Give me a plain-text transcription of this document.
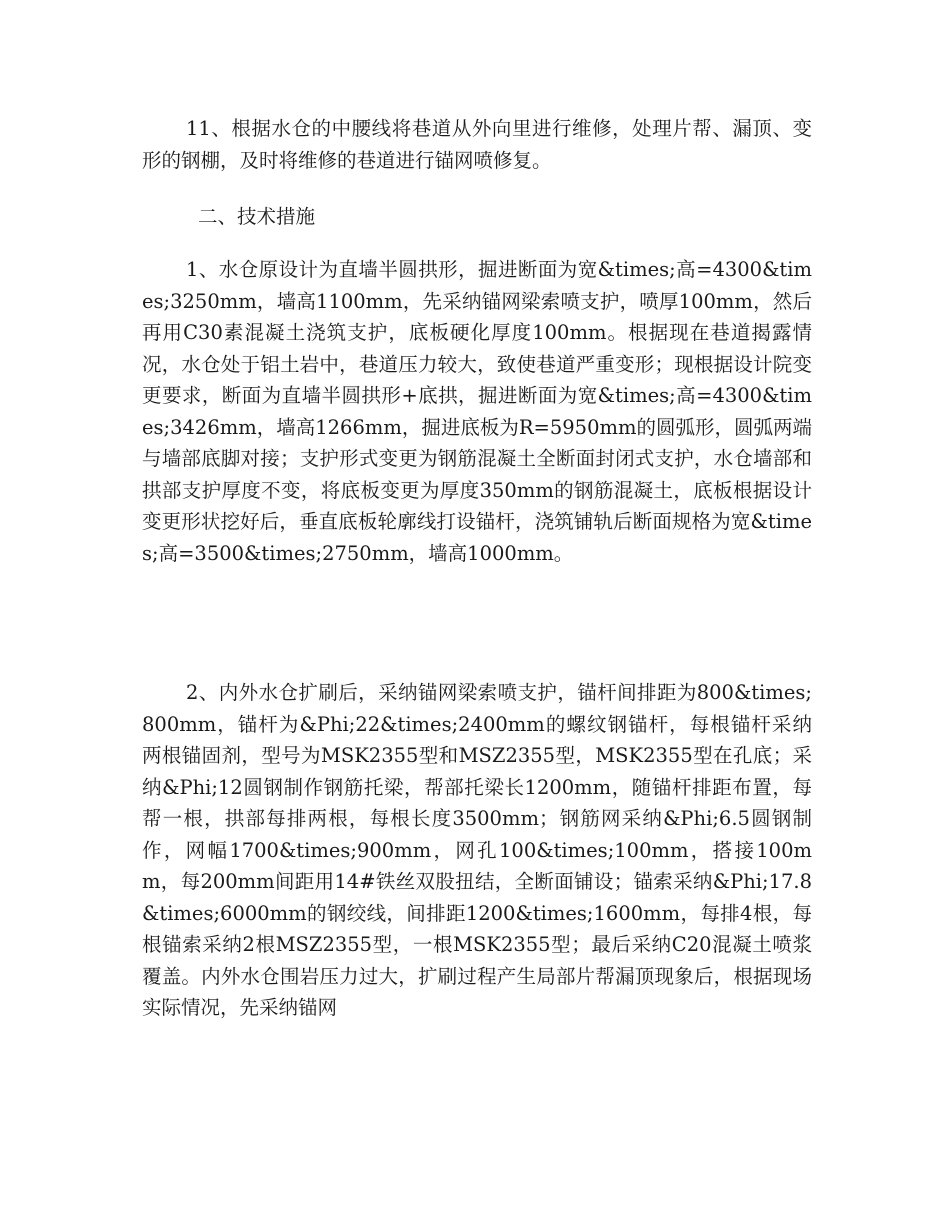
11、根据水仓的中腰线将巷道从外向里进行维修，处理片帮、漏顶、变形的钢棚，及时将维修的巷道进行锚网喷修复。

二、技术措施

1、水仓原设计为直墙半圆拱形，掘进断面为宽&times;高=4300&times;3250mm，墙高1100mm，先采纳锚网梁索喷支护，喷厚100mm，然后再用C30素混凝土浇筑支护，底板硬化厚度100mm。根据现在巷道揭露情况，水仓处于铝土岩中，巷道压力较大，致使巷道严重变形；现根据设计院变更要求，断面为直墙半圆拱形+底拱，掘进断面为宽&times;高=4300&times;3426mm，墙高1266mm，掘进底板为R=5950mm的圆弧形，圆弧两端与墙部底脚对接；支护形式变更为钢筋混凝土全断面封闭式支护，水仓墙部和拱部支护厚度不变，将底板变更为厚度350mm的钢筋混凝土，底板根据设计变更形状挖好后，垂直底板轮廓线打设锚杆，浇筑铺轨后断面规格为宽&times;高=3500&times;2750mm，墙高1000mm。

2、内外水仓扩刷后，采纳锚网梁索喷支护，锚杆间排距为800&times;800mm，锚杆为&Phi;22&times;2400mm的螺纹钢锚杆，每根锚杆采纳两根锚固剂，型号为MSK2355型和MSZ2355型，MSK2355型在孔底；采纳&Phi;12圆钢制作钢筋托梁，帮部托梁长1200mm，随锚杆排距布置，每帮一根，拱部每排两根，每根长度3500mm；钢筋网采纳&Phi;6.5圆钢制作，网幅1700&times;900mm，网孔100&times;100mm，搭接100mm，每200mm间距用14#铁丝双股扭结，全断面铺设；锚索采纳&Phi;17.8&times;6000mm的钢绞线，间排距1200&times;1600mm，每排4根，每根锚索采纳2根MSZ2355型，一根MSK2355型；最后采纳C20混凝土喷浆覆盖。内外水仓围岩压力过大，扩刷过程产生局部片帮漏顶现象后，根据现场实际情况，先采纳锚网
